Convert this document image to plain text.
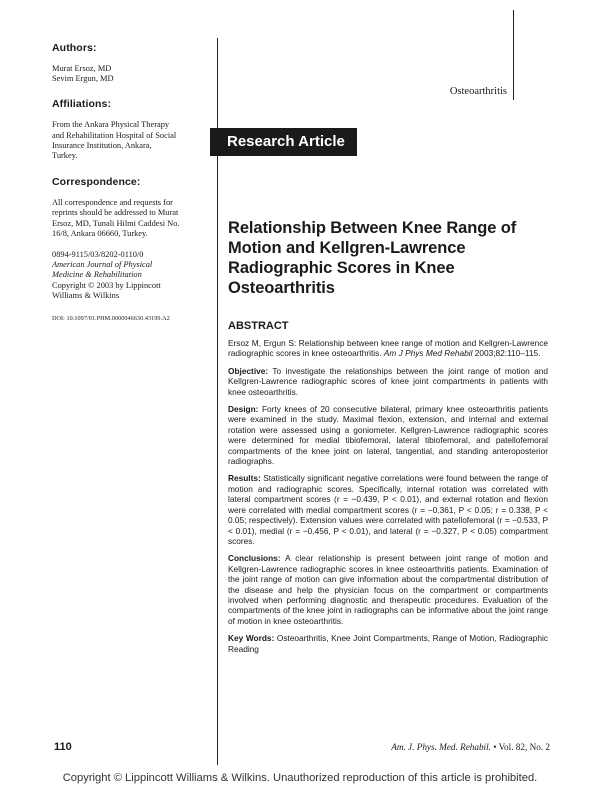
Authors:

Murat Ersoz, MD

Sevim Ergun, MD

Affiliations:

From the Ankara Physical Therapy
and Rehabilitation Hospital of Social
Insurance Institution, Ankara,
Turkey.

Correspondence:

All correspondence and requests for
reprints should be addressed to Murat
Ersoz, MD, Tunali Hilmi Caddesi No.
16/8, Ankara 06660, Turkey.

0894-9115/03/8202-0110/0

American Journal of Physical
Medicine & Rehabilitation

Copyright © 2003 by Lippincott
Williams & Wilkins

DOI: 10.1097/01.PHM.0000046630.43199.A2

Osteoarthritis
Research Article
Relationship Between Knee Range of Motion and Kellgren-Lawrence Radiographic Scores in Knee Osteoarthritis
ABSTRACT

Ersoz M, Ergun S: Relationship between knee range of motion and Kellgren-Lawrence radiographic scores in knee osteoarthritis. Am J Phys Med Rehabil 2003;82:110–115.

Objective: To investigate the relationships between the joint range of motion and Kellgren-Lawrence radiographic scores of knee joint compartments in patients with knee osteoarthritis.

Design: Forty knees of 20 consecutive bilateral, primary knee osteoarthritis patients were examined in the study. Maximal flexion, extension, and internal and external rotation were assessed using a goniometer. Kellgren-Lawrence radiographic scores were determined for medial tibiofemoral, lateral tibiofemoral, and patellofemoral compartments of the knee joint on lateral, tangential, and standing anteroposterior radiographs.

Results: Statistically significant negative correlations were found between the range of motion and radiographic scores. Specifically, internal rotation was correlated with lateral compartment scores (r = −0.439, P < 0.01), and external rotation and flexion were correlated with medial compartment scores (r = −0.361, P < 0.05; r = 0.338, P < 0.05; respectively). Extension values were correlated with patellofemoral (r = −0.533, P < 0.01), medial (r = −0.456, P < 0.01), and lateral (r = −0.327, P < 0.05) compartment scores.

Conclusions: A clear relationship is present between joint range of motion and Kellgren-Lawrence radiographic scores in knee osteoarthritis patients. Examination of the joint range of motion can give information about the compartmental distribution of the disease and help the physician focus on the compartment or compartments involved when performing diagnostic and therapeutic procedures. Evaluation of the compartments of the knee joint in radiographs can be informative about the joint range of motion in knee osteoarthritis.

Key Words: Osteoarthritis, Knee Joint Compartments, Range of Motion, Radiographic Reading

110	Am. J. Phys. Med. Rehabil. • Vol. 82, No. 2
Copyright © Lippincott Williams & Wilkins. Unauthorized reproduction of this article is prohibited.
